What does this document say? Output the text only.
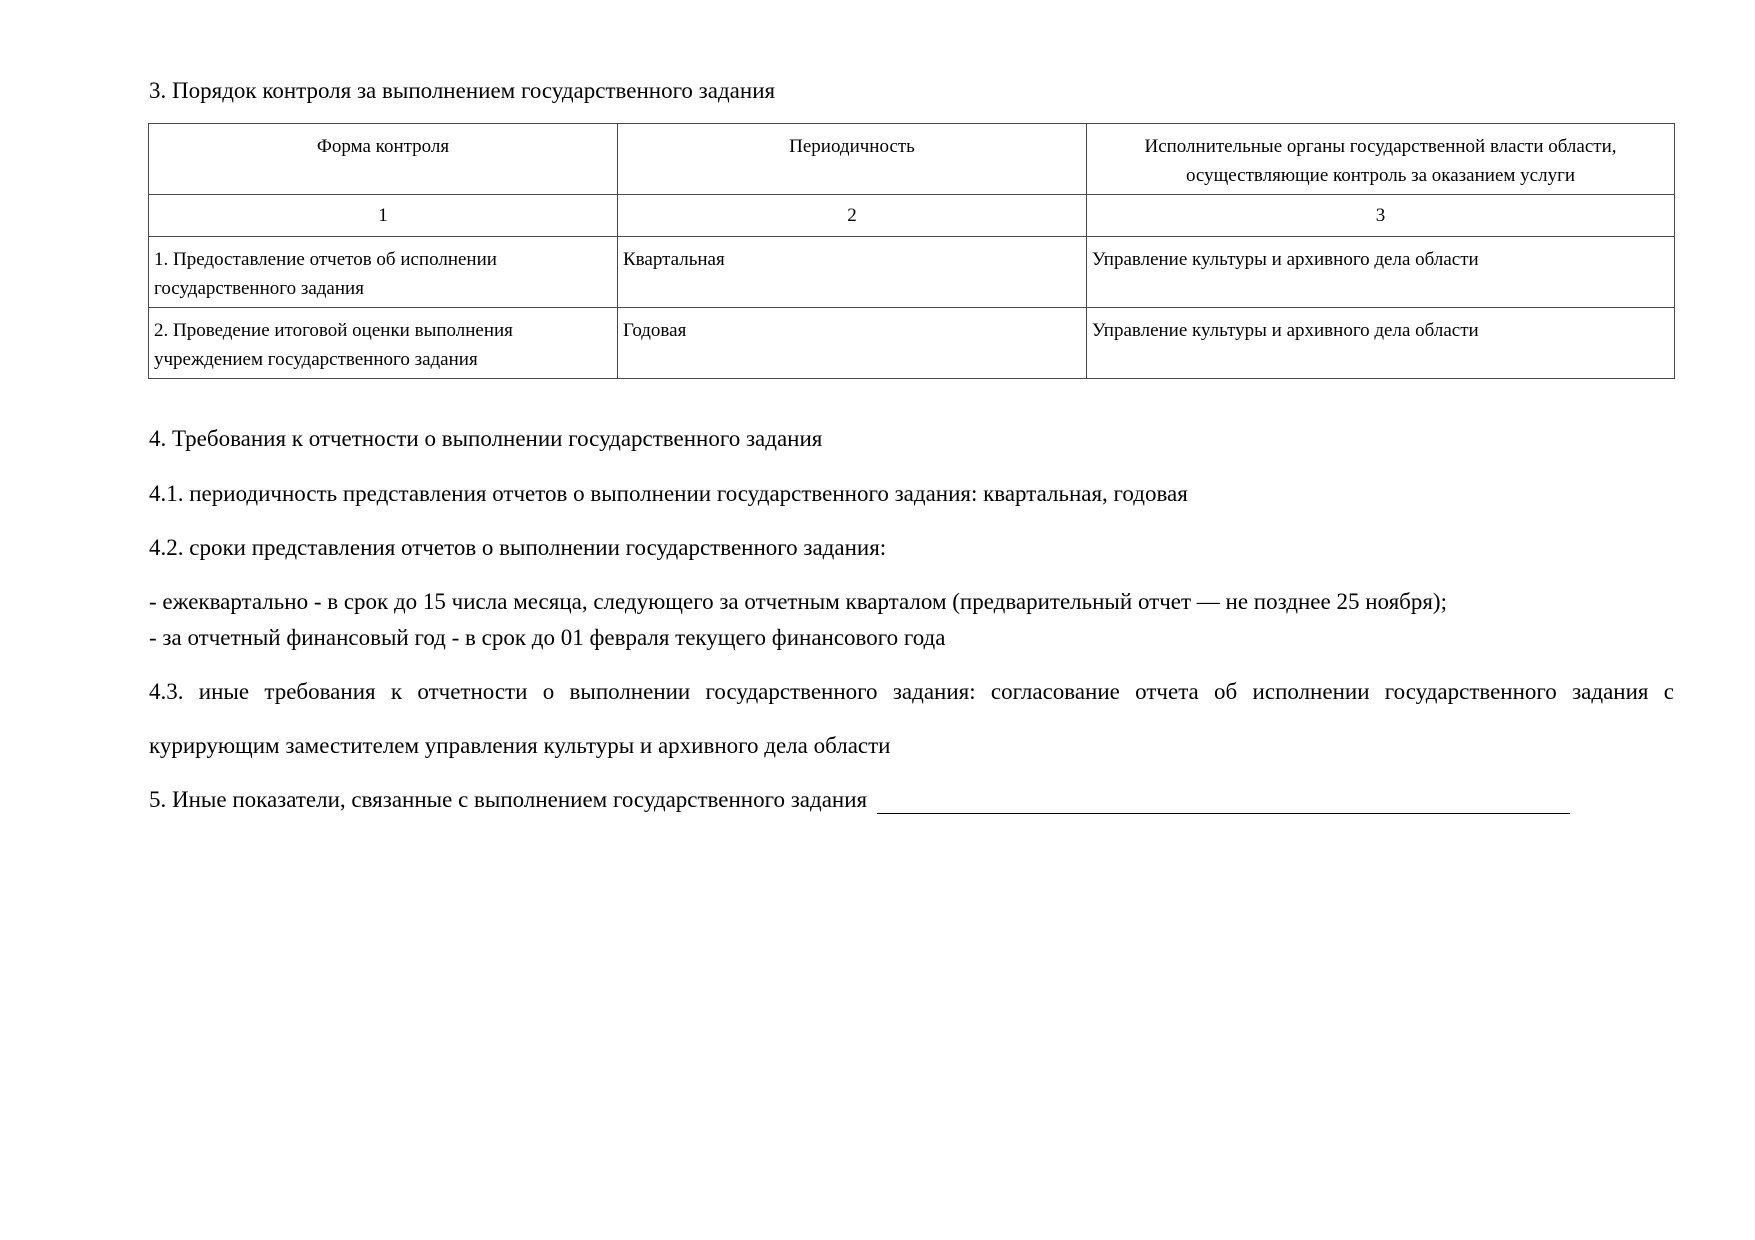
3. Порядок контроля за выполнением государственного задания
Форма контроля	Периодичность	Исполнительные органы государственной власти области,
осуществляющие контроль за оказанием услуги

1	2	3

1. Предоставление отчетов об исполнении
государственного задания	Квартальная	Управление культуры и архивного дела области

2. Проведение итоговой оценки выполнения
учреждением государственного задания	Годовая	Управление культуры и архивного дела области
4. Требования к отчетности о выполнении государственного задания
4.1. периодичность представления отчетов о выполнении государственного задания: квартальная, годовая
4.2. сроки представления отчетов о выполнении государственного задания:
- ежеквартально - в срок до 15 числа месяца, следующего за отчетным кварталом (предварительный отчет — не позднее 25 ноября);
- за отчетный финансовый год - в срок до 01 февраля текущего финансового года
4.3. иные требования к отчетности о выполнении государственного задания: согласование отчета об исполнении государственного задания с
курирующим заместителем управления культуры и архивного дела области
5. Иные показатели, связанные с выполнением государственного задания
